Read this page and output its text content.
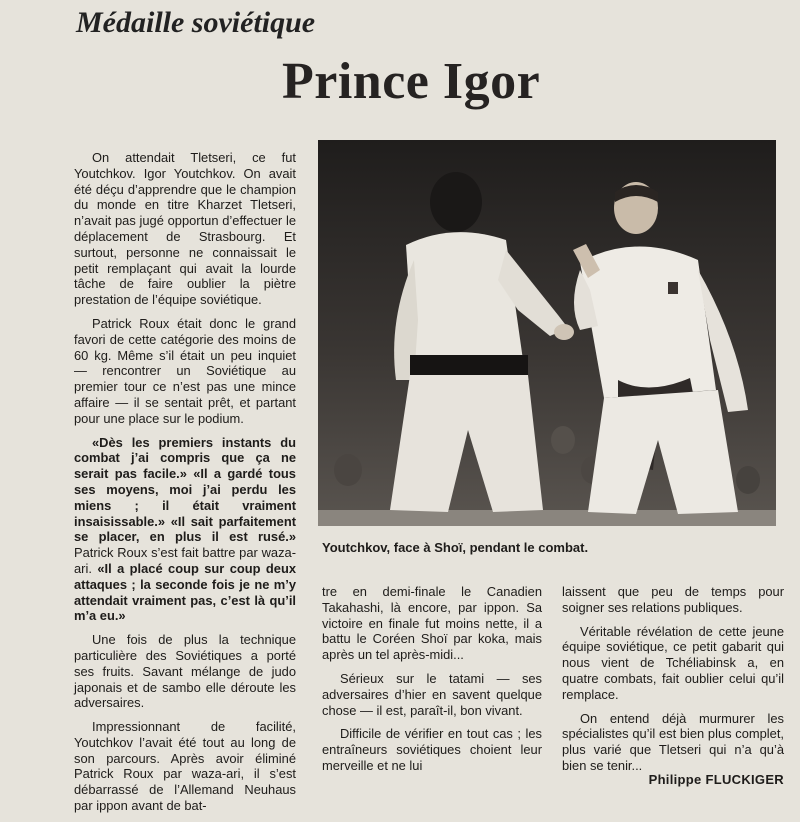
Médaille soviétique
Prince Igor

On attendait Tletseri, ce fut Youtchkov. Igor Youtchkov. On avait été déçu d’apprendre que le champion du monde en titre Kharzet Tletseri, n’avait pas jugé opportun d’effectuer le déplacement de Strasbourg. Et surtout, personne ne connaissait le petit remplaçant qui avait la lourde tâche de faire oublier la piètre prestation de l’équipe soviétique.

Patrick Roux était donc le grand favori de cette catégorie des moins de 60 kg. Même s’il était un peu inquiet — rencontrer un Soviétique au premier tour ce n’est pas une mince affaire — il se sentait prêt, et partant pour une place sur le podium.

«Dès les premiers instants du combat j’ai compris que ça ne serait pas facile.» «Il a gardé tous ses moyens, moi j’ai perdu les miens ; il était vraiment insaisissable.» «Il sait parfaitement se placer, en plus il est rusé.» Patrick Roux s’est fait battre par waza-ari. «Il a placé coup sur coup deux attaques ; la seconde fois je ne m’y attendait vraiment pas, c’est là qu’il m’a eu.»

Une fois de plus la technique particulière des Soviétiques a porté ses fruits. Savant mélange de judo japonais et de sambo elle déroute les adversaires.

Impressionnant de facilité, Youtchkov l’avait été tout au long de son parcours. Après avoir éliminé Patrick Roux par waza-ari, il s’est débarrassé de l’Allemand Neuhaus par ippon avant de bat-

Youtchkov, face à Shoï, pendant le combat.

tre en demi-finale le Canadien Takahashi, là encore, par ippon. Sa victoire en finale fut moins nette, il a battu le Coréen Shoï par koka, mais après un tel après-midi...

Sérieux sur le tatami — ses adversaires d’hier en savent quelque chose — il est, paraît-il, bon vivant.

Difficile de vérifier en tout cas ; les entraîneurs soviétiques choient leur merveille et ne lui

laissent que peu de temps pour soigner ses relations publiques.

Véritable révélation de cette jeune équipe soviétique, ce petit gabarit qui nous vient de Tchéliabinsk a, en quatre combats, fait oublier celui qu’il remplace.

On entend déjà murmurer les spécialistes qu’il est bien plus complet, plus varié que Tletseri qui n’a qu’à bien se tenir...

Philippe FLUCKIGER
